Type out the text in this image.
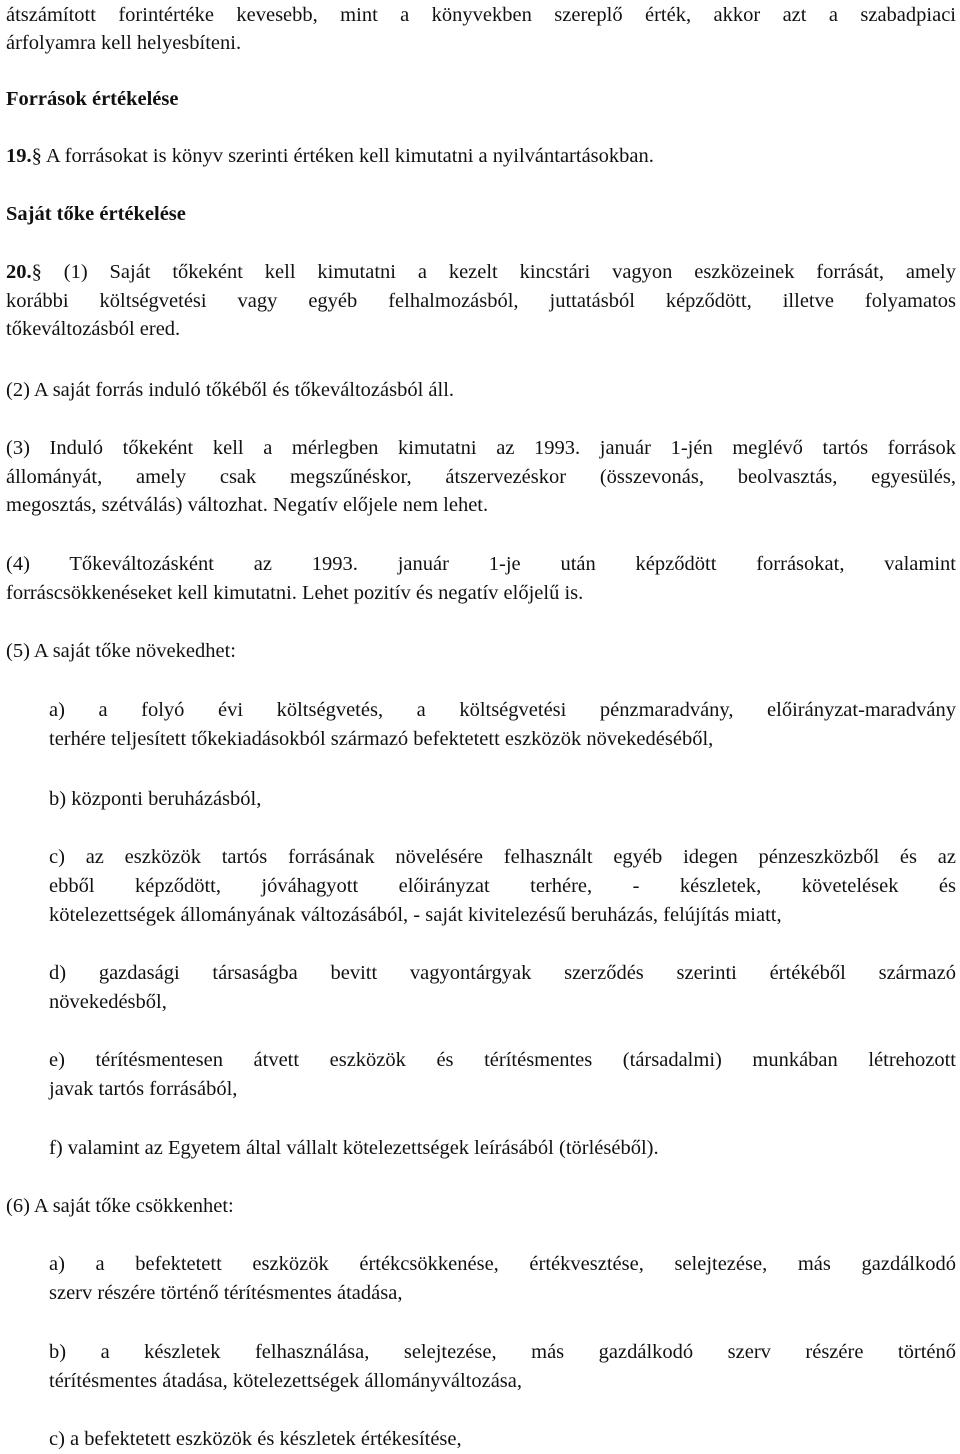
átszámított forintértéke kevesebb, mint a könyvekben szereplő érték, akkor azt a szabadpiaci
árfolyamra kell helyesbíteni.
Források értékelése
19.§ A forrásokat is könyv szerinti értéken kell kimutatni a nyilvántartásokban.
Saját tőke értékelése
20.§ (1) Saját tőkeként kell kimutatni a kezelt kincstári vagyon eszközeinek forrását, amely
korábbi költségvetési vagy egyéb felhalmozásból, juttatásból képződött, illetve folyamatos
tőkeváltozásból ered.
(2) A saját forrás induló tőkéből és tőkeváltozásból áll.
(3) Induló tőkeként kell a mérlegben kimutatni az 1993. január 1-jén meglévő tartós források
állományát, amely csak megszűnéskor, átszervezéskor (összevonás, beolvasztás, egyesülés,
megosztás, szétválás) változhat. Negatív előjele nem lehet.
(4) Tőkeváltozásként az 1993. január 1-je után képződött forrásokat, valamint
forráscsökkenéseket kell kimutatni. Lehet pozitív és negatív előjelű is.
(5) A saját tőke növekedhet:
a) a folyó évi költségvetés, a költségvetési pénzmaradvány, előirányzat-maradvány
terhére teljesített tőkekiadásokból származó befektetett eszközök növekedéséből,
b) központi beruházásból,
c) az eszközök tartós forrásának növelésére felhasznált egyéb idegen pénzeszközből és az
ebből képződött, jóváhagyott előirányzat terhére, - készletek, követelések és
kötelezettségek állományának változásából, - saját kivitelezésű beruházás, felújítás miatt,
d) gazdasági társaságba bevitt vagyontárgyak szerződés szerinti értékéből származó
növekedésből,
e) térítésmentesen átvett eszközök és térítésmentes (társadalmi) munkában létrehozott
javak tartós forrásából,
f) valamint az Egyetem által vállalt kötelezettségek leírásából (törléséből).
(6) A saját tőke csökkenhet:
a) a befektetett eszközök értékcsökkenése, értékvesztése, selejtezése, más gazdálkodó
szerv részére történő térítésmentes átadása,
b) a készletek felhasználása, selejtezése, más gazdálkodó szerv részére történő
térítésmentes átadása, kötelezettségek állományváltozása,
c) a befektetett eszközök és készletek értékesítése,
